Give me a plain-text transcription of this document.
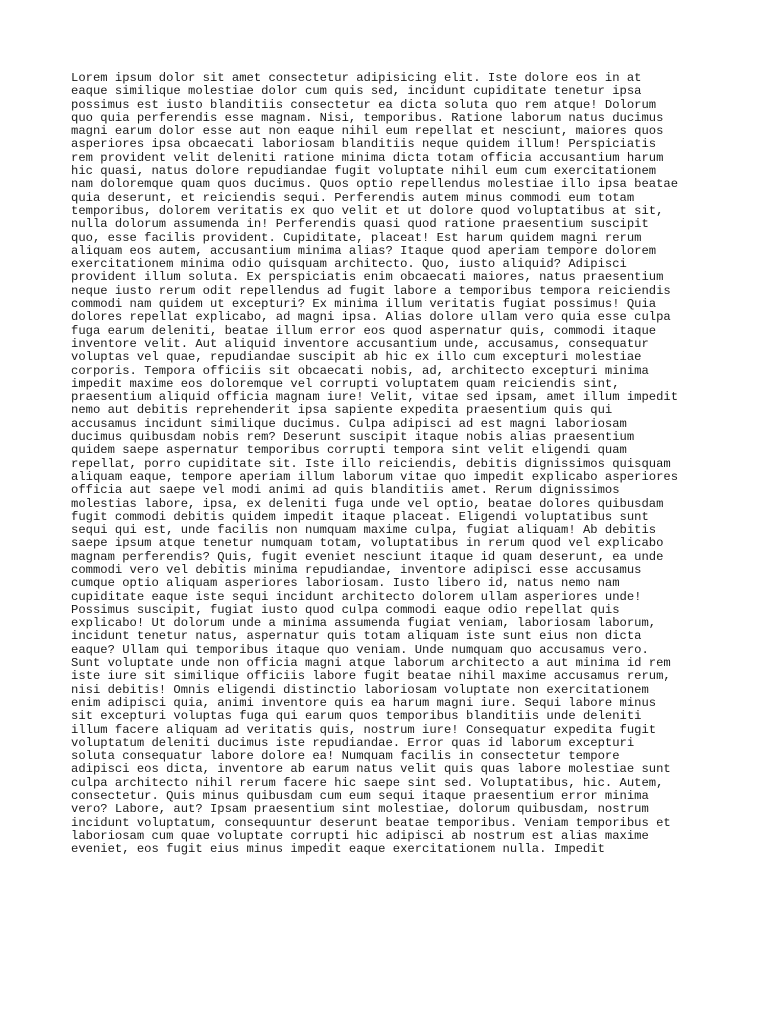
Lorem ipsum dolor sit amet consectetur adipisicing elit. Iste dolore eos in at
eaque similique molestiae dolor cum quis sed, incidunt cupiditate tenetur ipsa
possimus est iusto blanditiis consectetur ea dicta soluta quo rem atque! Dolorum
quo quia perferendis esse magnam. Nisi, temporibus. Ratione laborum natus ducimus
magni earum dolor esse aut non eaque nihil eum repellat et nesciunt, maiores quos
asperiores ipsa obcaecati laboriosam blanditiis neque quidem illum! Perspiciatis
rem provident velit deleniti ratione minima dicta totam officia accusantium harum
hic quasi, natus dolore repudiandae fugit voluptate nihil eum cum exercitationem
nam doloremque quam quos ducimus. Quos optio repellendus molestiae illo ipsa beatae
quia deserunt, et reiciendis sequi. Perferendis autem minus commodi eum totam
temporibus, dolorem veritatis ex quo velit et ut dolore quod voluptatibus at sit,
nulla dolorum assumenda in! Perferendis quasi quod ratione praesentium suscipit
quo, esse facilis provident. Cupiditate, placeat! Est harum quidem magni rerum
aliquam eos autem, accusantium minima alias? Itaque quod aperiam tempore dolorem
exercitationem minima odio quisquam architecto. Quo, iusto aliquid? Adipisci
provident illum soluta. Ex perspiciatis enim obcaecati maiores, natus praesentium
neque iusto rerum odit repellendus ad fugit labore a temporibus tempora reiciendis
commodi nam quidem ut excepturi? Ex minima illum veritatis fugiat possimus! Quia
dolores repellat explicabo, ad magni ipsa. Alias dolore ullam vero quia esse culpa
fuga earum deleniti, beatae illum error eos quod aspernatur quis, commodi itaque
inventore velit. Aut aliquid inventore accusantium unde, accusamus, consequatur
voluptas vel quae, repudiandae suscipit ab hic ex illo cum excepturi molestiae
corporis. Tempora officiis sit obcaecati nobis, ad, architecto excepturi minima
impedit maxime eos doloremque vel corrupti voluptatem quam reiciendis sint,
praesentium aliquid officia magnam iure! Velit, vitae sed ipsam, amet illum impedit
nemo aut debitis reprehenderit ipsa sapiente expedita praesentium quis qui
accusamus incidunt similique ducimus. Culpa adipisci ad est magni laboriosam
ducimus quibusdam nobis rem? Deserunt suscipit itaque nobis alias praesentium
quidem saepe aspernatur temporibus corrupti tempora sint velit eligendi quam
repellat, porro cupiditate sit. Iste illo reiciendis, debitis dignissimos quisquam
aliquam eaque, tempore aperiam illum laborum vitae quo impedit explicabo asperiores
officia aut saepe vel modi animi ad quis blanditiis amet. Rerum dignissimos
molestias labore, ipsa, ex deleniti fuga unde vel optio, beatae dolores quibusdam
fugit commodi debitis quidem impedit itaque placeat. Eligendi voluptatibus sunt
sequi qui est, unde facilis non numquam maxime culpa, fugiat aliquam! Ab debitis
saepe ipsum atque tenetur numquam totam, voluptatibus in rerum quod vel explicabo
magnam perferendis? Quis, fugit eveniet nesciunt itaque id quam deserunt, ea unde
commodi vero vel debitis minima repudiandae, inventore adipisci esse accusamus
cumque optio aliquam asperiores laboriosam. Iusto libero id, natus nemo nam
cupiditate eaque iste sequi incidunt architecto dolorem ullam asperiores unde!
Possimus suscipit, fugiat iusto quod culpa commodi eaque odio repellat quis
explicabo! Ut dolorum unde a minima assumenda fugiat veniam, laboriosam laborum,
incidunt tenetur natus, aspernatur quis totam aliquam iste sunt eius non dicta
eaque? Ullam qui temporibus itaque quo veniam. Unde numquam quo accusamus vero.
Sunt voluptate unde non officia magni atque laborum architecto a aut minima id rem
iste iure sit similique officiis labore fugit beatae nihil maxime accusamus rerum,
nisi debitis! Omnis eligendi distinctio laboriosam voluptate non exercitationem
enim adipisci quia, animi inventore quis ea harum magni iure. Sequi labore minus
sit excepturi voluptas fuga qui earum quos temporibus blanditiis unde deleniti
illum facere aliquam ad veritatis quis, nostrum iure! Consequatur expedita fugit
voluptatum deleniti ducimus iste repudiandae. Error quas id laborum excepturi
soluta consequatur labore dolore ea! Numquam facilis in consectetur tempore
adipisci eos dicta, inventore ab earum natus velit quis quas labore molestiae sunt
culpa architecto nihil rerum facere hic saepe sint sed. Voluptatibus, hic. Autem,
consectetur. Quis minus quibusdam cum eum sequi itaque praesentium error minima
vero? Labore, aut? Ipsam praesentium sint molestiae, dolorum quibusdam, nostrum
incidunt voluptatum, consequuntur deserunt beatae temporibus. Veniam temporibus et
laboriosam cum quae voluptate corrupti hic adipisci ab nostrum est alias maxime
eveniet, eos fugit eius minus impedit eaque exercitationem nulla. Impedit
